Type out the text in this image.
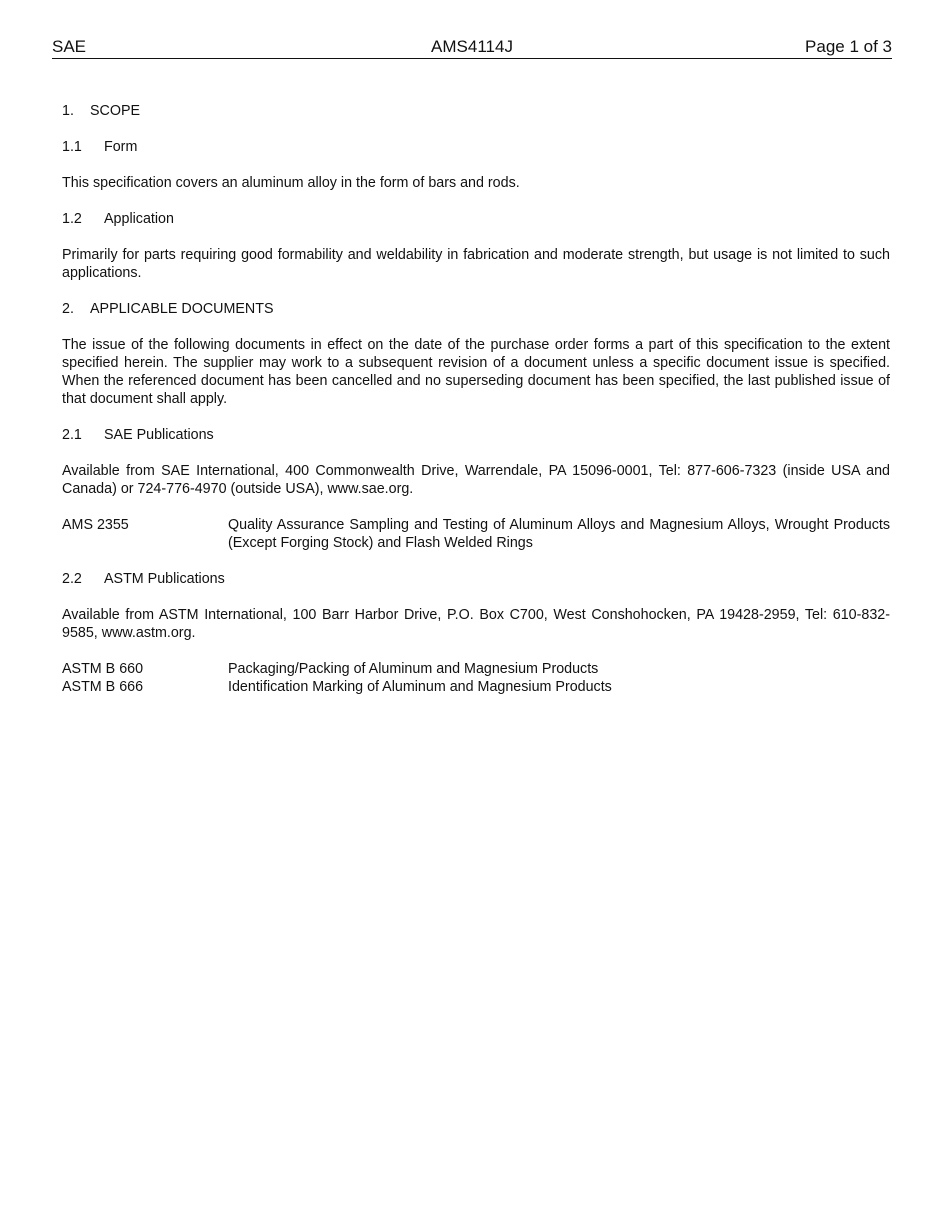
SAE	AMS4114J	Page 1 of 3
1. SCOPE
1.1 Form

This specification covers an aluminum alloy in the form of bars and rods.

1.2 Application

Primarily for parts requiring good formability and weldability in fabrication and moderate strength, but usage is not limited to such applications.

2. APPLICABLE DOCUMENTS

The issue of the following documents in effect on the date of the purchase order forms a part of this specification to the extent specified herein. The supplier may work to a subsequent revision of a document unless a specific document issue is specified. When the referenced document has been cancelled and no superseding document has been specified, the last published issue of that document shall apply.

2.1 SAE Publications

Available from SAE International, 400 Commonwealth Drive, Warrendale, PA 15096-0001, Tel: 877-606-7323 (inside USA and Canada) or 724-776-4970 (outside USA), www.sae.org.

AMS 2355	Quality Assurance Sampling and Testing of Aluminum Alloys and Magnesium Alloys, Wrought Products (Except Forging Stock) and Flash Welded Rings
2.2 ASTM Publications

Available from ASTM International, 100 Barr Harbor Drive, P.O. Box C700, West Conshohocken, PA 19428-2959, Tel: 610-832-9585, www.astm.org.

ASTM B 660	Packaging/Packing of Aluminum and Magnesium Products
ASTM B 666	Identification Marking of Aluminum and Magnesium Products
